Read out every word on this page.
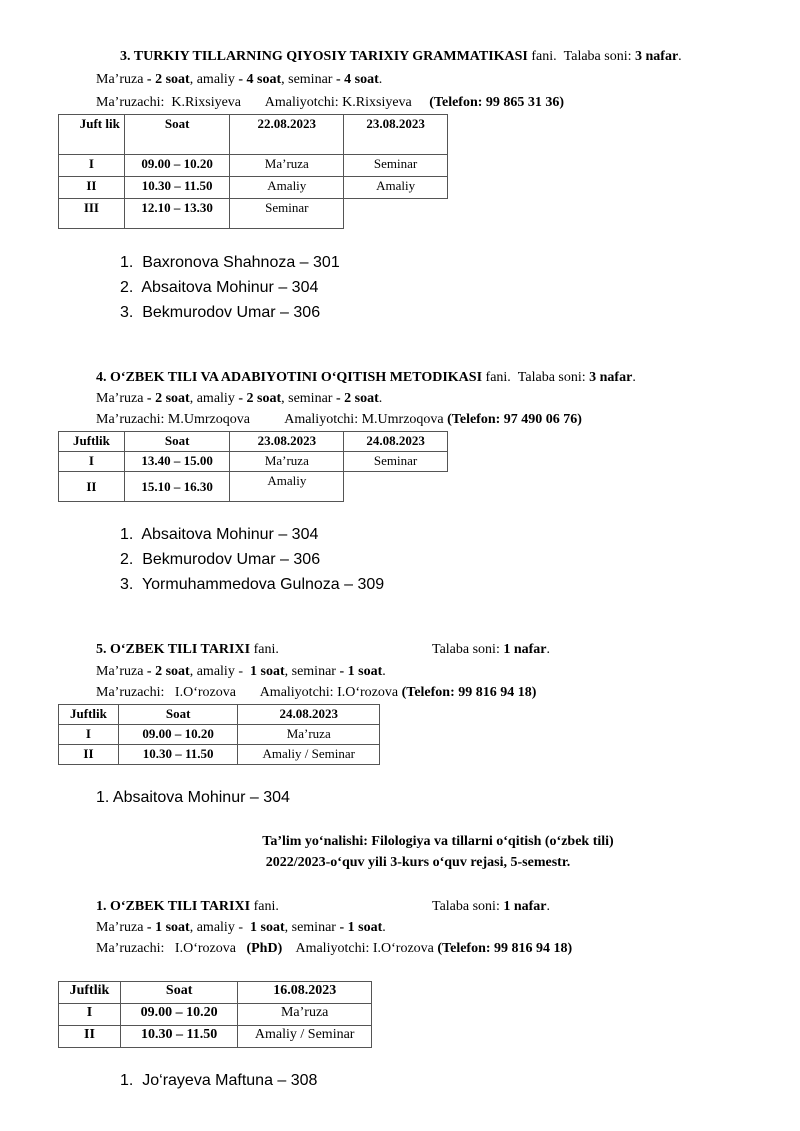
3. TURKIY TILLARNING QIYOSIY TARIXIY GRAMMATIKASI fani. Talaba soni: 3 nafar.
Ma’ruza - 2 soat, amaliy - 4 soat, seminar - 4 soat.
Ma’ruzachi: K.Rixsiyeva Amaliyotchi: K.Rixsiyeva (Telefon: 99 865 31 36)
Juft lik	Soat	22.08.2023	23.08.2023
I	09.00 – 10.20	Ma’ruza	Seminar
II	10.30 – 11.50	Amaliy	Amaliy
III	12.10 – 13.30	Seminar	
1.  Baxronova Shahnoza – 301
2.  Absaitova Mohinur – 304
3.  Bekmurodov Umar – 306
4. O‘ZBEK TILI VA ADABIYOTINI O‘QITISH METODIKASI fani. Talaba soni: 3 nafar.
Ma’ruza - 2 soat, amaliy - 2 soat, seminar - 2 soat.
Ma’ruzachi: M.Umrzoqova Amaliyotchi: M.Umrzoqova (Telefon: 97 490 06 76)
Juftlik	Soat	23.08.2023	24.08.2023
I	13.40 – 15.00	Ma’ruza	Seminar
II	15.10 – 16.30	Amaliy	
1.  Absaitova Mohinur – 304
2.  Bekmurodov Umar – 306
3.  Yormuhammedova Gulnoza – 309
5. O‘ZBEK TILI TARIXI fani.	Talaba soni: 1 nafar.
Ma’ruza - 2 soat, amaliy -  1 soat, seminar - 1 soat.
Ma’ruzachi: I.O‘rozova Amaliyotchi: I.O‘rozova (Telefon: 99 816 94 18)
Juftlik	Soat	24.08.2023
I	09.00 – 10.20	Ma’ruza
II	10.30 – 11.50	Amaliy / Seminar
1. Absaitova Mohinur – 304
Ta’lim yo‘nalishi: Filologiya va tillarni o‘qitish (o‘zbek tili)
2022/2023-o‘quv yili 3-kurs o‘quv rejasi, 5-semestr.
1. O‘ZBEK TILI TARIXI fani.	Talaba soni: 1 nafar.
Ma’ruza - 1 soat, amaliy -  1 soat, seminar - 1 soat.
Ma’ruzachi: I.O‘rozova (PhD) Amaliyotchi: I.O‘rozova (Telefon: 99 816 94 18)
Juftlik	Soat	16.08.2023
I	09.00 – 10.20	Ma’ruza
II	10.30 – 11.50	Amaliy / Seminar
1.  Jo‘rayeva Maftuna – 308
